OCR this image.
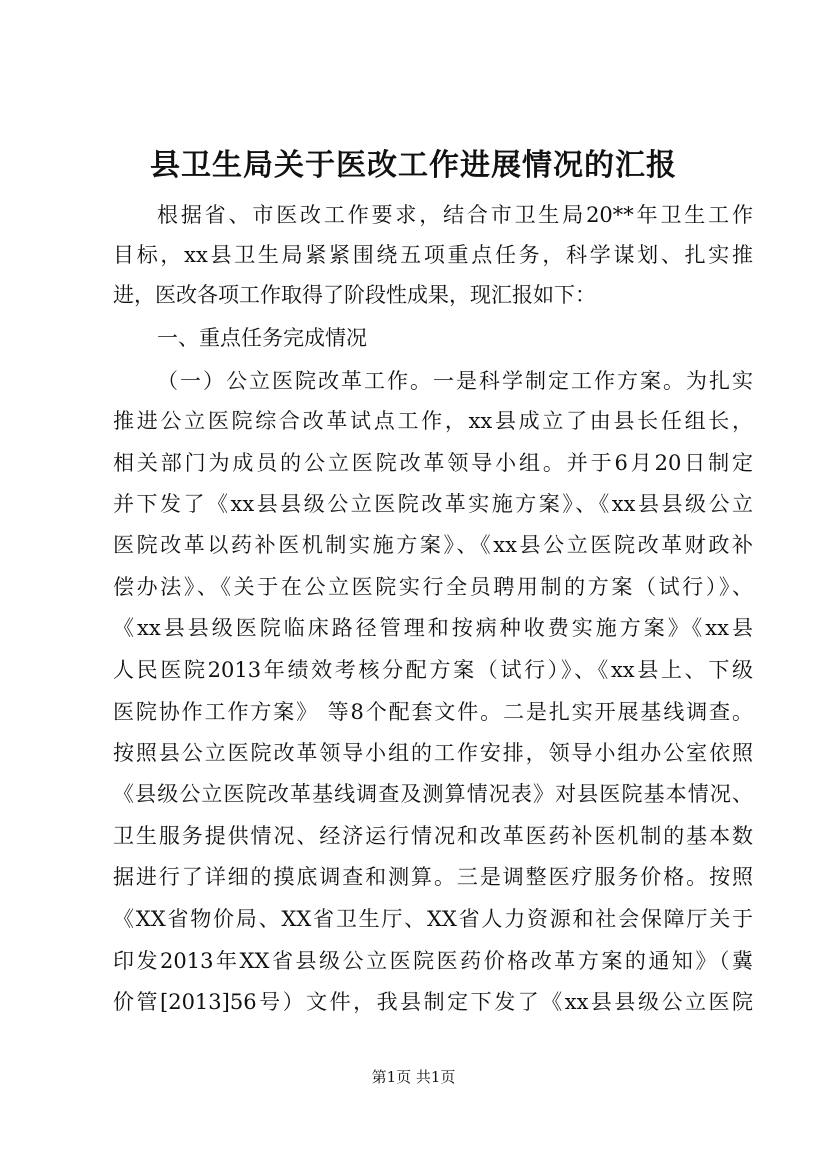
县卫生局关于医改工作进展情况的汇报
根据省、市医改工作要求，结合市卫生局20**年卫生工作
目标，xx县卫生局紧紧围绕五项重点任务，科学谋划、扎实推
进，医改各项工作取得了阶段性成果，现汇报如下：
一、重点任务完成情况
（一）公立医院改革工作。一是科学制定工作方案。为扎实
推进公立医院综合改革试点工作，xx县成立了由县长任组长，
相关部门为成员的公立医院改革领导小组。并于6月20日制定
并下发了《xx县县级公立医院改革实施方案》、《xx县县级公立
医院改革以药补医机制实施方案》、《xx县公立医院改革财政补
偿办法》、《关于在公立医院实行全员聘用制的方案（试行）》、
《xx县县级医院临床路径管理和按病种收费实施方案》《xx县
人民医院2013年绩效考核分配方案（试行）》、《xx县上、下级
医院协作工作方案》 等8个配套文件。二是扎实开展基线调查。
按照县公立医院改革领导小组的工作安排，领导小组办公室依照
《县级公立医院改革基线调查及测算情况表》对县医院基本情况、
卫生服务提供情况、经济运行情况和改革医药补医机制的基本数
据进行了详细的摸底调查和测算。三是调整医疗服务价格。按照
《XX省物价局、XX省卫生厅、XX省人力资源和社会保障厅关于
印发2013年XX省县级公立医院医药价格改革方案的通知》（冀
价管[2013]56号）文件，我县制定下发了《xx县县级公立医院
第1页 共1页
